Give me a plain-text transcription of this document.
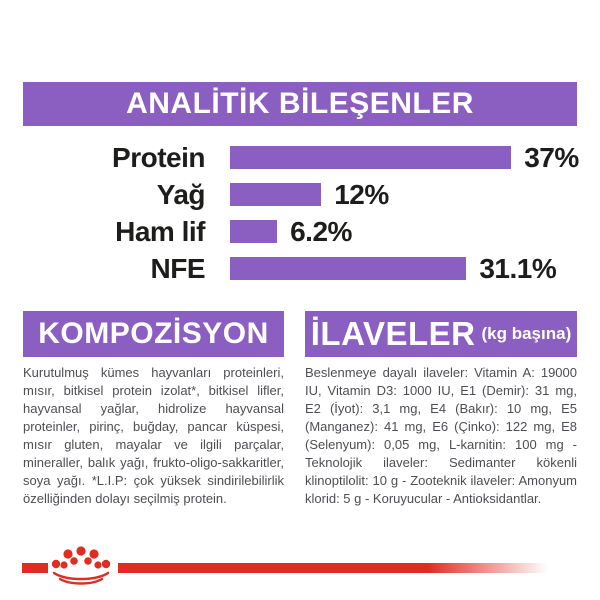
ANALİTİK BİLEŞENLER
Protein	37%
Yağ	12%
Ham lif	6.2%
NFE	31.1%
KOMPOZİSYON

Kurutulmuş kümes hayvanları proteinleri, mısır, bitkisel protein izolat*, bitkisel lifler, hayvansal yağlar, hidrolize hayvansal proteinler, pirinç, buğday, pancar küspesi, mısır gluten, mayalar ve ilgili parçalar, mineraller, balık yağı, frukto-oligo-sakkaritler, soya yağı. *L.I.P: çok yüksek sindirilebilirlik özelliğinden dolayı seçilmiş protein.

İLAVELER (kg başına)

Beslenmeye dayalı ilaveler: Vitamin A: 19000 IU, Vitamin D3: 1000 IU, E1 (Demir): 31 mg, E2 (İyot): 3,1 mg, E4 (Bakır): 10 mg, E5 (Manganez): 41 mg, E6 (Çinko): 122 mg, E8 (Selenyum): 0,05 mg, L-karnitin: 100 mg - Teknolojik ilaveler: Sedimanter kökenli klinoptilolit: 10 g - Zooteknik ilaveler: Amonyum klorid: 5 g - Koruyucular - Antioksidantlar.
